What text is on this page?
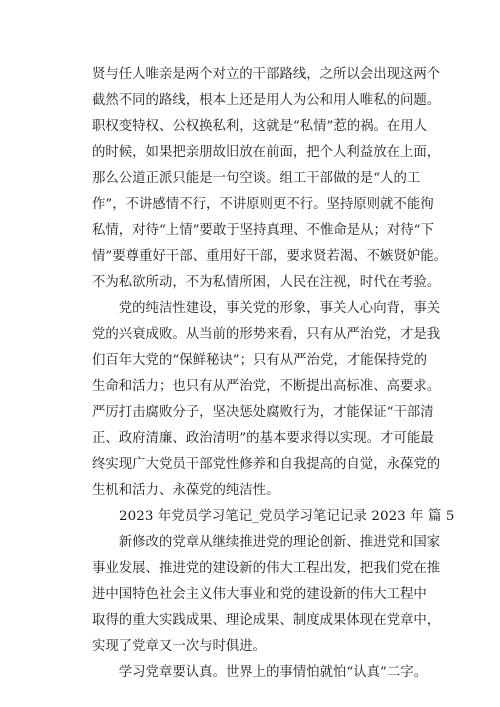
贤与任人唯亲是两个对立的干部路线，之所以会出现这两个
截然不同的路线，根本上还是用人为公和用人唯私的问题。
职权变特权、公权换私利，这就是“私情”惹的祸。在用人
的时候，如果把亲朋故旧放在前面，把个人利益放在上面，
那么公道正派只能是一句空谈。组工干部做的是“人的工
作”，不讲感情不行，不讲原则更不行。坚持原则就不能徇
私情，对待“上情”要敢于坚持真理、不惟命是从；对待“下
情”要尊重好干部、重用好干部，要求贤若渴、不嫉贤妒能。
不为私欲所动，不为私情所困，人民在注视，时代在考验。
　　党的纯洁性建设，事关党的形象，事关人心向背，事关
党的兴衰成败。从当前的形势来看，只有从严治党，才是我
们百年大党的“保鲜秘诀”；只有从严治党，才能保持党的
生命和活力；也只有从严治党，不断提出高标准、高要求。
严厉打击腐败分子，坚决惩处腐败行为，才能保证“干部清
正、政府清廉、政治清明”的基本要求得以实现。才可能最
终实现广大党员干部党性修养和自我提高的自觉，永葆党的
生机和活力、永葆党的纯洁性。
　　2023 年党员学习笔记_党员学习笔记记录 2023 年 篇 5
　　新修改的党章从继续推进党的理论创新、推进党和国家
事业发展、推进党的建设新的伟大工程出发，把我们党在推
进中国特色社会主义伟大事业和党的建设新的伟大工程中
取得的重大实践成果、理论成果、制度成果体现在党章中，
实现了党章又一次与时俱进。
　　学习党章要认真。世界上的事情怕就怕“认真”二字。
